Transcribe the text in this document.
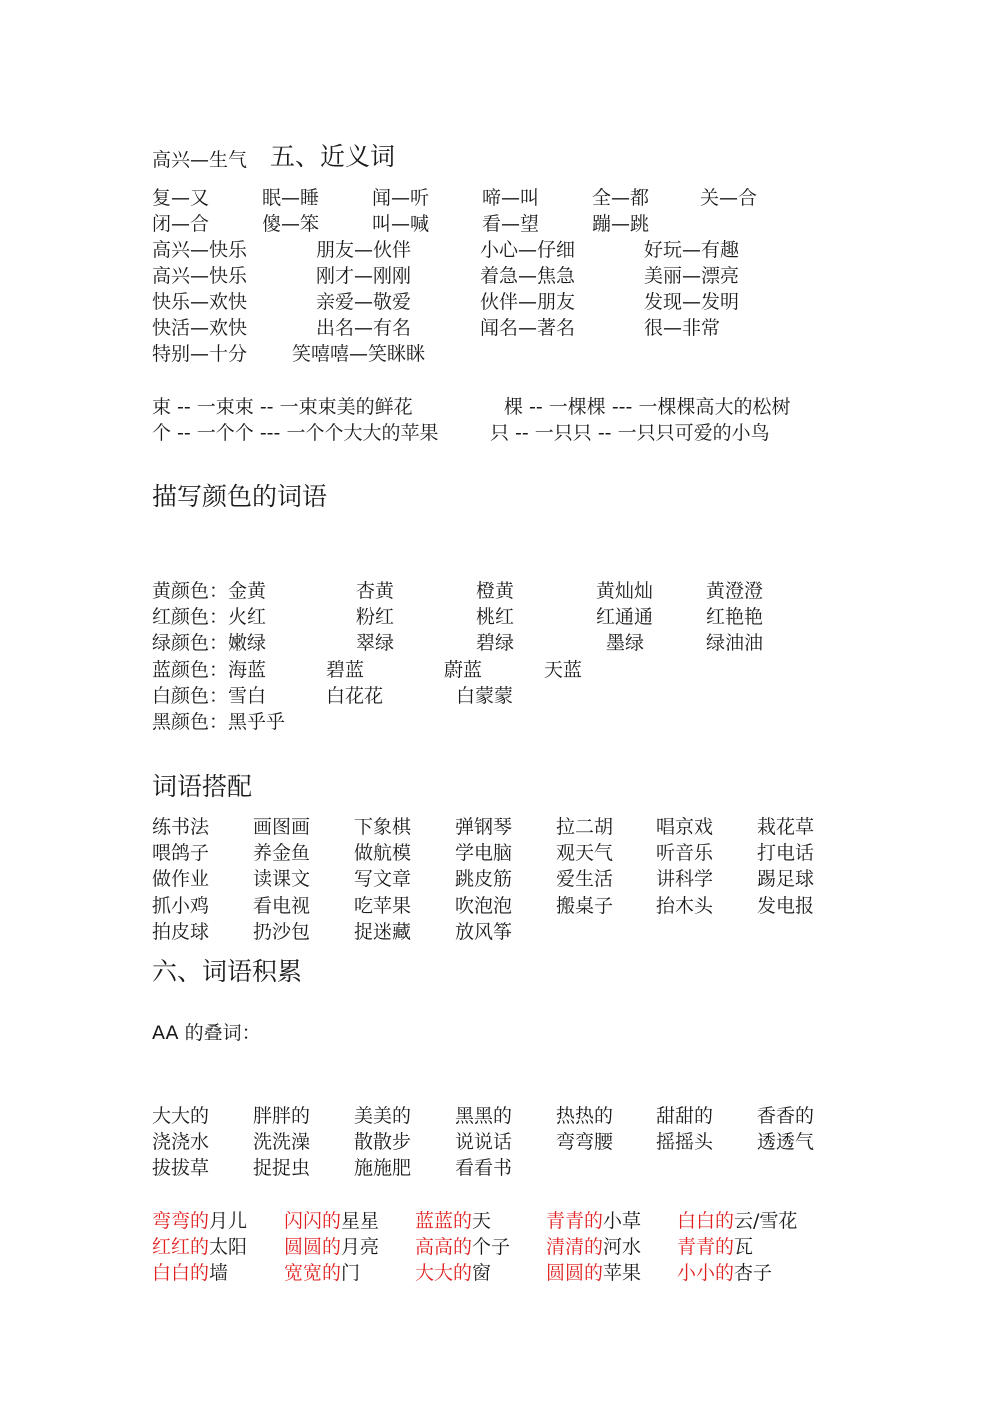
高兴—生气 五、近义词
复—又	眠—睡	闻—听	啼—叫	全—都	关—合
闭—合	傻—笨	叫—喊	看—望	蹦—跳
高兴—快乐	朋友—伙伴	小心—仔细	好玩—有趣
高兴—快乐	刚才—刚刚	着急—焦急	美丽—漂亮
快乐—欢快	亲爱—敬爱	伙伴—朋友	发现—发明
快活—欢快	出名—有名	闻名—著名	很—非常
特别—十分 笑嘻嘻—笑眯眯
束 -- 一束束 -- 一束束美的鲜花	棵 -- 一棵棵 --- 一棵棵高大的松树
个 -- 一个个 --- 一个个大大的苹果	只 -- 一只只 -- 一只只可爱的小鸟
描写颜色的词语
黄颜色：金黄	杏黄	橙黄	黄灿灿	黄澄澄
红颜色：火红	粉红	桃红	红通通	红艳艳
绿颜色：嫩绿	翠绿	碧绿	墨绿	绿油油
蓝颜色：海蓝	碧蓝	蔚蓝	天蓝
白颜色：雪白	白花花	白蒙蒙
黑颜色：黑乎乎
词语搭配
练书法 画图画 下象棋 弹钢琴 拉二胡 唱京戏 栽花草
喂鸽子 养金鱼 做航模 学电脑 观天气 听音乐 打电话
做作业 读课文 写文章 跳皮筋 爱生活 讲科学 踢足球
抓小鸡 看电视 吃苹果 吹泡泡 搬桌子 抬木头 发电报
拍皮球 扔沙包 捉迷藏 放风筝
六、词语积累
AA 的叠词：
大大的 胖胖的 美美的 黑黑的 热热的 甜甜的 香香的
浇浇水 洗洗澡 散散步 说说话 弯弯腰 摇摇头 透透气
拔拔草 捉捉虫 施施肥 看看书
弯弯的月儿 闪闪的星星 蓝蓝的天	青青的小草 白白的云/雪花
红红的太阳 圆圆的月亮 高高的个子 清清的河水 青青的瓦
白白的墙	宽宽的门	大大的窗	圆圆的苹果 小小的杏子
